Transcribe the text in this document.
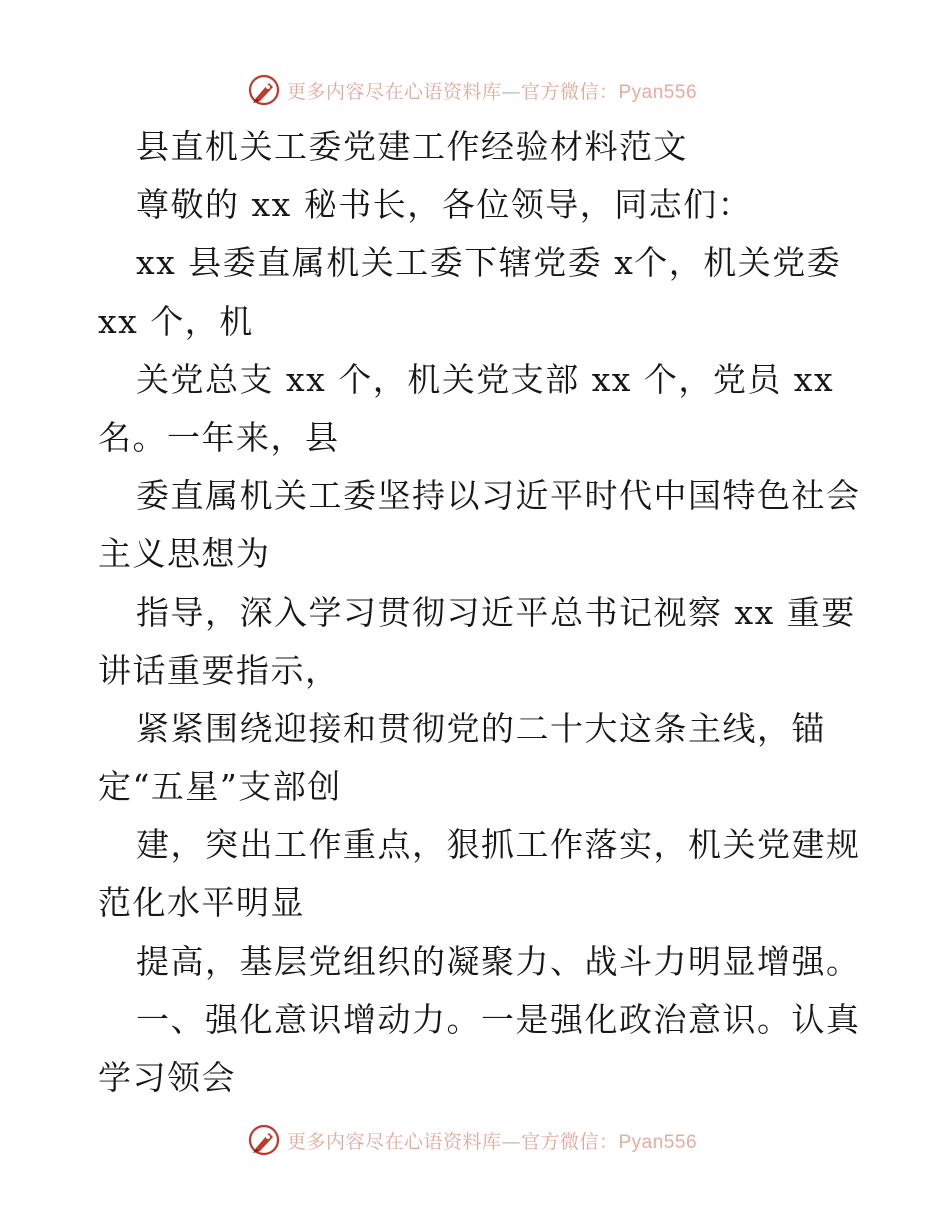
更多内容尽在心语资料库—官方微信：Pyan556
县直机关工委党建工作经验材料范文
尊敬的 xx 秘书长，各位领导，同志们：
xx 县委直属机关工委下辖党委 x个，机关党委
xx 个，机
关党总支 xx 个，机关党支部 xx 个，党员 xx
名。一年来，县
委直属机关工委坚持以习近平时代中国特色社会
主义思想为
指导，深入学习贯彻习近平总书记视察 xx 重要
讲话重要指示，
紧紧围绕迎接和贯彻党的二十大这条主线，锚
定“五星”支部创
建，突出工作重点，狠抓工作落实，机关党建规
范化水平明显
提高，基层党组织的凝聚力、战斗力明显增强。
一、强化意识增动力。一是强化政治意识。认真
学习领会
更多内容尽在心语资料库—官方微信：Pyan556
